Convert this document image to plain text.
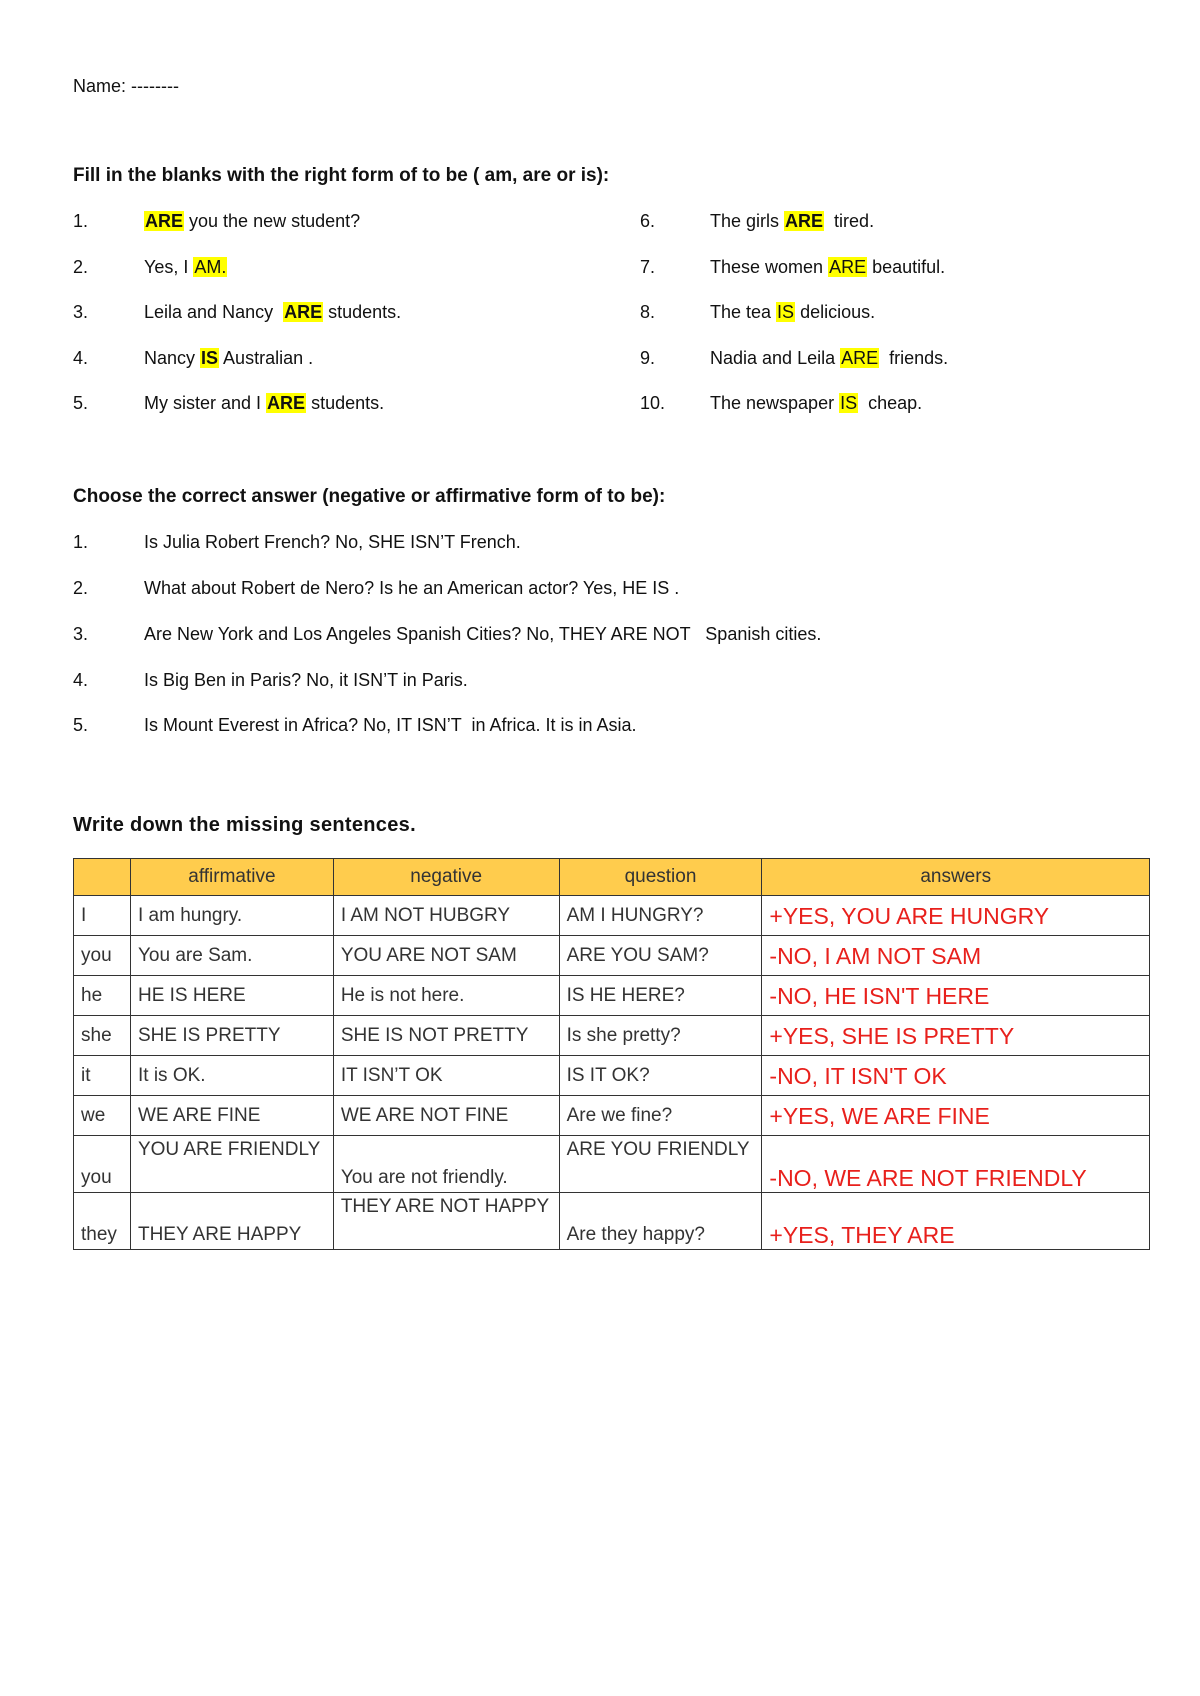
Name: --------
Fill in the blanks with the right form of to be ( am, are or is):
1.	ARE you the new student?
2.	Yes, I AM.
3.	Leila and Nancy  ARE students.
4.	Nancy IS Australian .
5.	My sister and I ARE students.
6.	The girls ARE  tired.
7.	These women ARE beautiful.
8.	The tea IS delicious.
9.	Nadia and Leila ARE  friends.
10. The newspaper IS  cheap.
Choose the correct answer (negative or affirmative form of to be):
1.	Is Julia Robert French? No, SHE ISN’T French.
2.	What about Robert de Nero? Is he an American actor? Yes, HE IS .
3.	Are New York and Los Angeles Spanish Cities? No, THEY ARE NOT   Spanish cities.
4.	Is Big Ben in Paris? No, it ISN’T in Paris.
5.	Is Mount Everest in Africa? No, IT ISN’T  in Africa. It is in Asia.
Write down the missing sentences.
	affirmative	negative	question	answers
I	I am hungry.	I AM NOT HUBGRY	AM I HUNGRY?	+YES, YOU ARE HUNGRY
you	You are Sam.	YOU ARE NOT SAM	ARE YOU SAM?	-NO, I AM NOT SAM
he	HE IS HERE	He is not here.	IS HE HERE?	-NO, HE ISN'T HERE
she	SHE IS PRETTY	SHE IS NOT PRETTY	Is she pretty?	+YES, SHE IS PRETTY
it	It is OK.	IT ISN’T OK	IS IT OK?	-NO, IT ISN'T OK
we	WE ARE FINE	WE ARE NOT FINE	Are we fine?	+YES, WE ARE FINE
you	YOU ARE FRIENDLY	You are not friendly.	ARE YOU FRIENDLY	-NO, WE ARE NOT FRIENDLY
they	THEY ARE HAPPY	THEY ARE NOT HAPPY	Are they happy?	+YES, THEY ARE
